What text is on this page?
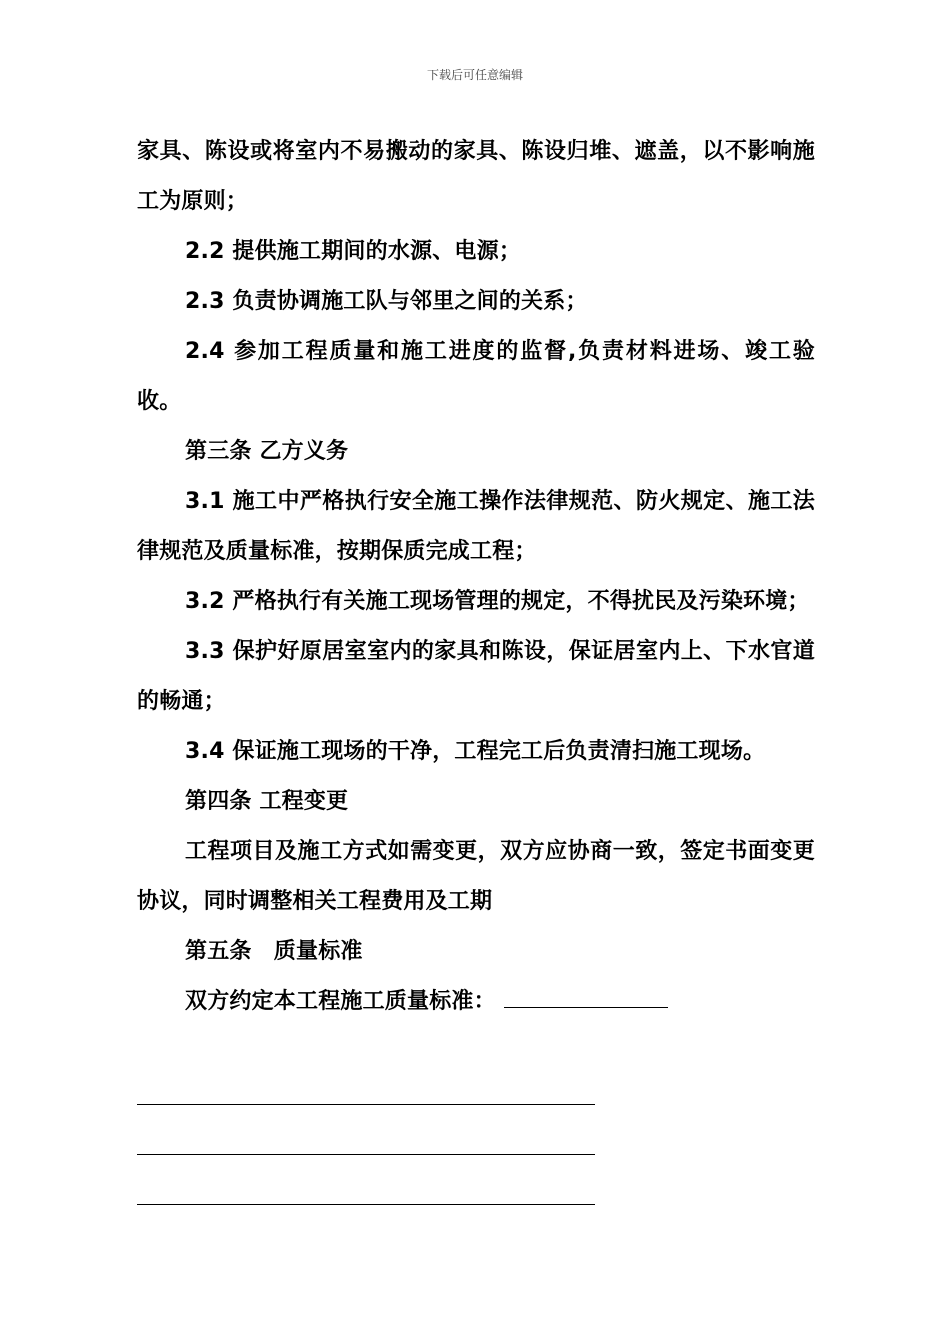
下载后可任意编辑

家具、陈设或将室内不易搬动的家具、陈设归堆、遮盖，以不影响施工为原则；

2.2 提供施工期间的水源、电源；

2.3 负责协调施工队与邻里之间的关系；

2.4 参加工程质量和施工进度的监督,负责材料进场、竣工验收。

第三条 乙方义务

3.1 施工中严格执行安全施工操作法律规范、防火规定、施工法律规范及质量标准，按期保质完成工程；

3.2 严格执行有关施工现场管理的规定，不得扰民及污染环境；

3.3 保护好原居室室内的家具和陈设，保证居室内上、下水官道的畅通；

3.4 保证施工现场的干净，工程完工后负责清扫施工现场。

第四条 工程变更

工程项目及施工方式如需变更，双方应协商一致，签定书面变更协议，同时调整相关工程费用及工期

第五条　质量标准

双方约定本工程施工质量标准：
